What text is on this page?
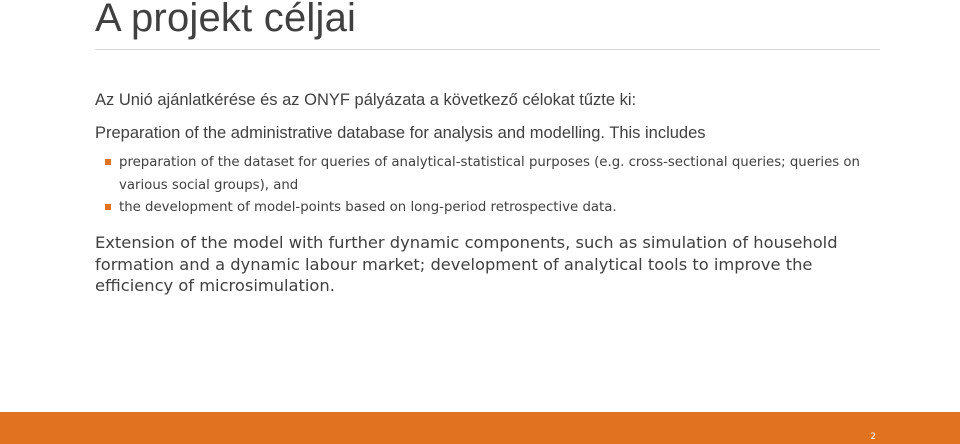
A projekt céljai
Az Unió ajánlatkérése és az ONYF pályázata a következő célokat tűzte ki:
Preparation of the administrative database for analysis and modelling. This includes
preparation of the dataset for queries of analytical-statistical purposes (e.g. cross-sectional queries; queries on various social groups), and
the development of model-points based on long-period retrospective data.
Extension of the model with further dynamic components, such as simulation of household formation and a dynamic labour market; development of analytical tools to improve the efficiency of microsimulation.
2
